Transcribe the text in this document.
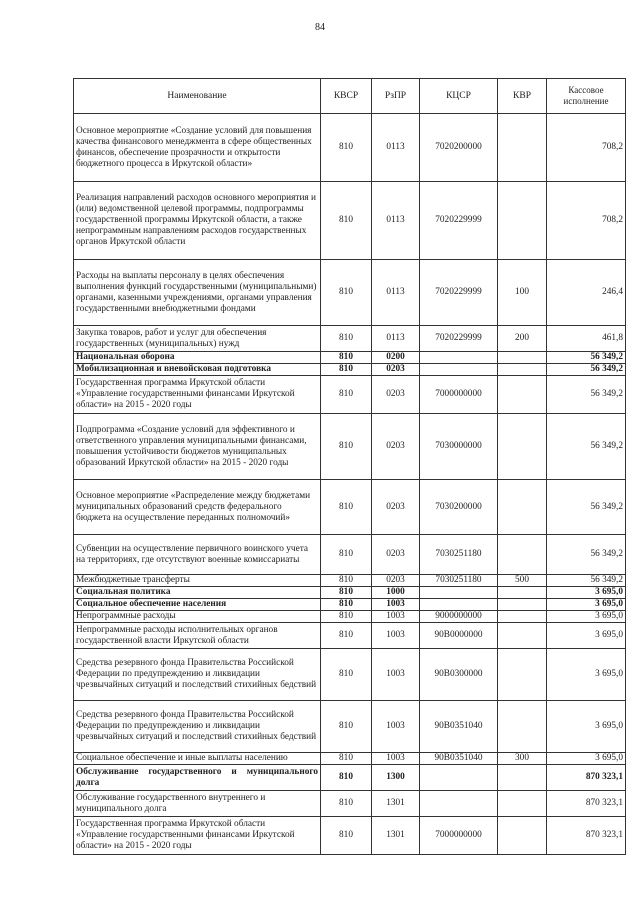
84
Наименование	КВСР	РзПР	КЦСР	КВР	Кассовое исполнение
Основное мероприятие «Создание условий для повышения качества финансового менеджмента в сфере общественных финансов, обеспечение прозрачности и открытости бюджетного процесса в Иркутской области»	810	0113	7020200000		708,2
Реализация направлений расходов основного мероприятия и (или) ведомственной целевой программы, подпрограммы государственной программы Иркутской области, а также непрограммным направлениям расходов государственных органов Иркутской области	810	0113	7020229999		708,2
Расходы на выплаты персоналу в целях обеспечения выполнения функций государственными (муниципальными) органами, казенными учреждениями, органами управления государственными внебюджетными фондами	810	0113	7020229999	100	246,4
Закупка товаров, работ и услуг для обеспечения государственных (муниципальных) нужд	810	0113	7020229999	200	461,8
Национальная оборона	810	0200			56 349,2
Мобилизационная и вневойсковая подготовка	810	0203			56 349,2
Государственная программа Иркутской области «Управление государственными финансами Иркутской области» на 2015 - 2020 годы	810	0203	7000000000		56 349,2
Подпрограмма «Создание условий для эффективного и ответственного управления муниципальными финансами, повышения устойчивости бюджетов муниципальных образований Иркутской области» на 2015 - 2020 годы	810	0203	7030000000		56 349,2
Основное мероприятие «Распределение между бюджетами муниципальных образований средств федерального бюджета на осуществление переданных полномочий»	810	0203	7030200000		56 349,2
Субвенции на осуществление первичного воинского учета на территориях, где отсутствуют военные комиссариаты	810	0203	7030251180		56 349,2
Межбюджетные трансферты	810	0203	7030251180	500	56 349,2
Социальная политика	810	1000			3 695,0
Социальное обеспечение населения	810	1003			3 695,0
Непрограммные расходы	810	1003	9000000000		3 695,0
Непрограммные расходы исполнительных органов государственной власти Иркутской области	810	1003	90В0000000		3 695,0
Средства резервного фонда Правительства Российской Федерации по предупреждению и ликвидации чрезвычайных ситуаций и последствий стихийных бедствий	810	1003	90В0300000		3 695,0
Средства резервного фонда Правительства Российской Федерации по предупреждению и ликвидации чрезвычайных ситуаций и последствий стихийных бедствий	810	1003	90В0351040		3 695,0
Социальное обеспечение и иные выплаты населению	810	1003	90В0351040	300	3 695,0
Обслуживание государственного и муниципального долга	810	1300			870 323,1
Обслуживание государственного внутреннего и муниципального долга	810	1301			870 323,1
Государственная программа Иркутской области «Управление государственными финансами Иркутской области» на 2015 - 2020 годы	810	1301	7000000000		870 323,1
